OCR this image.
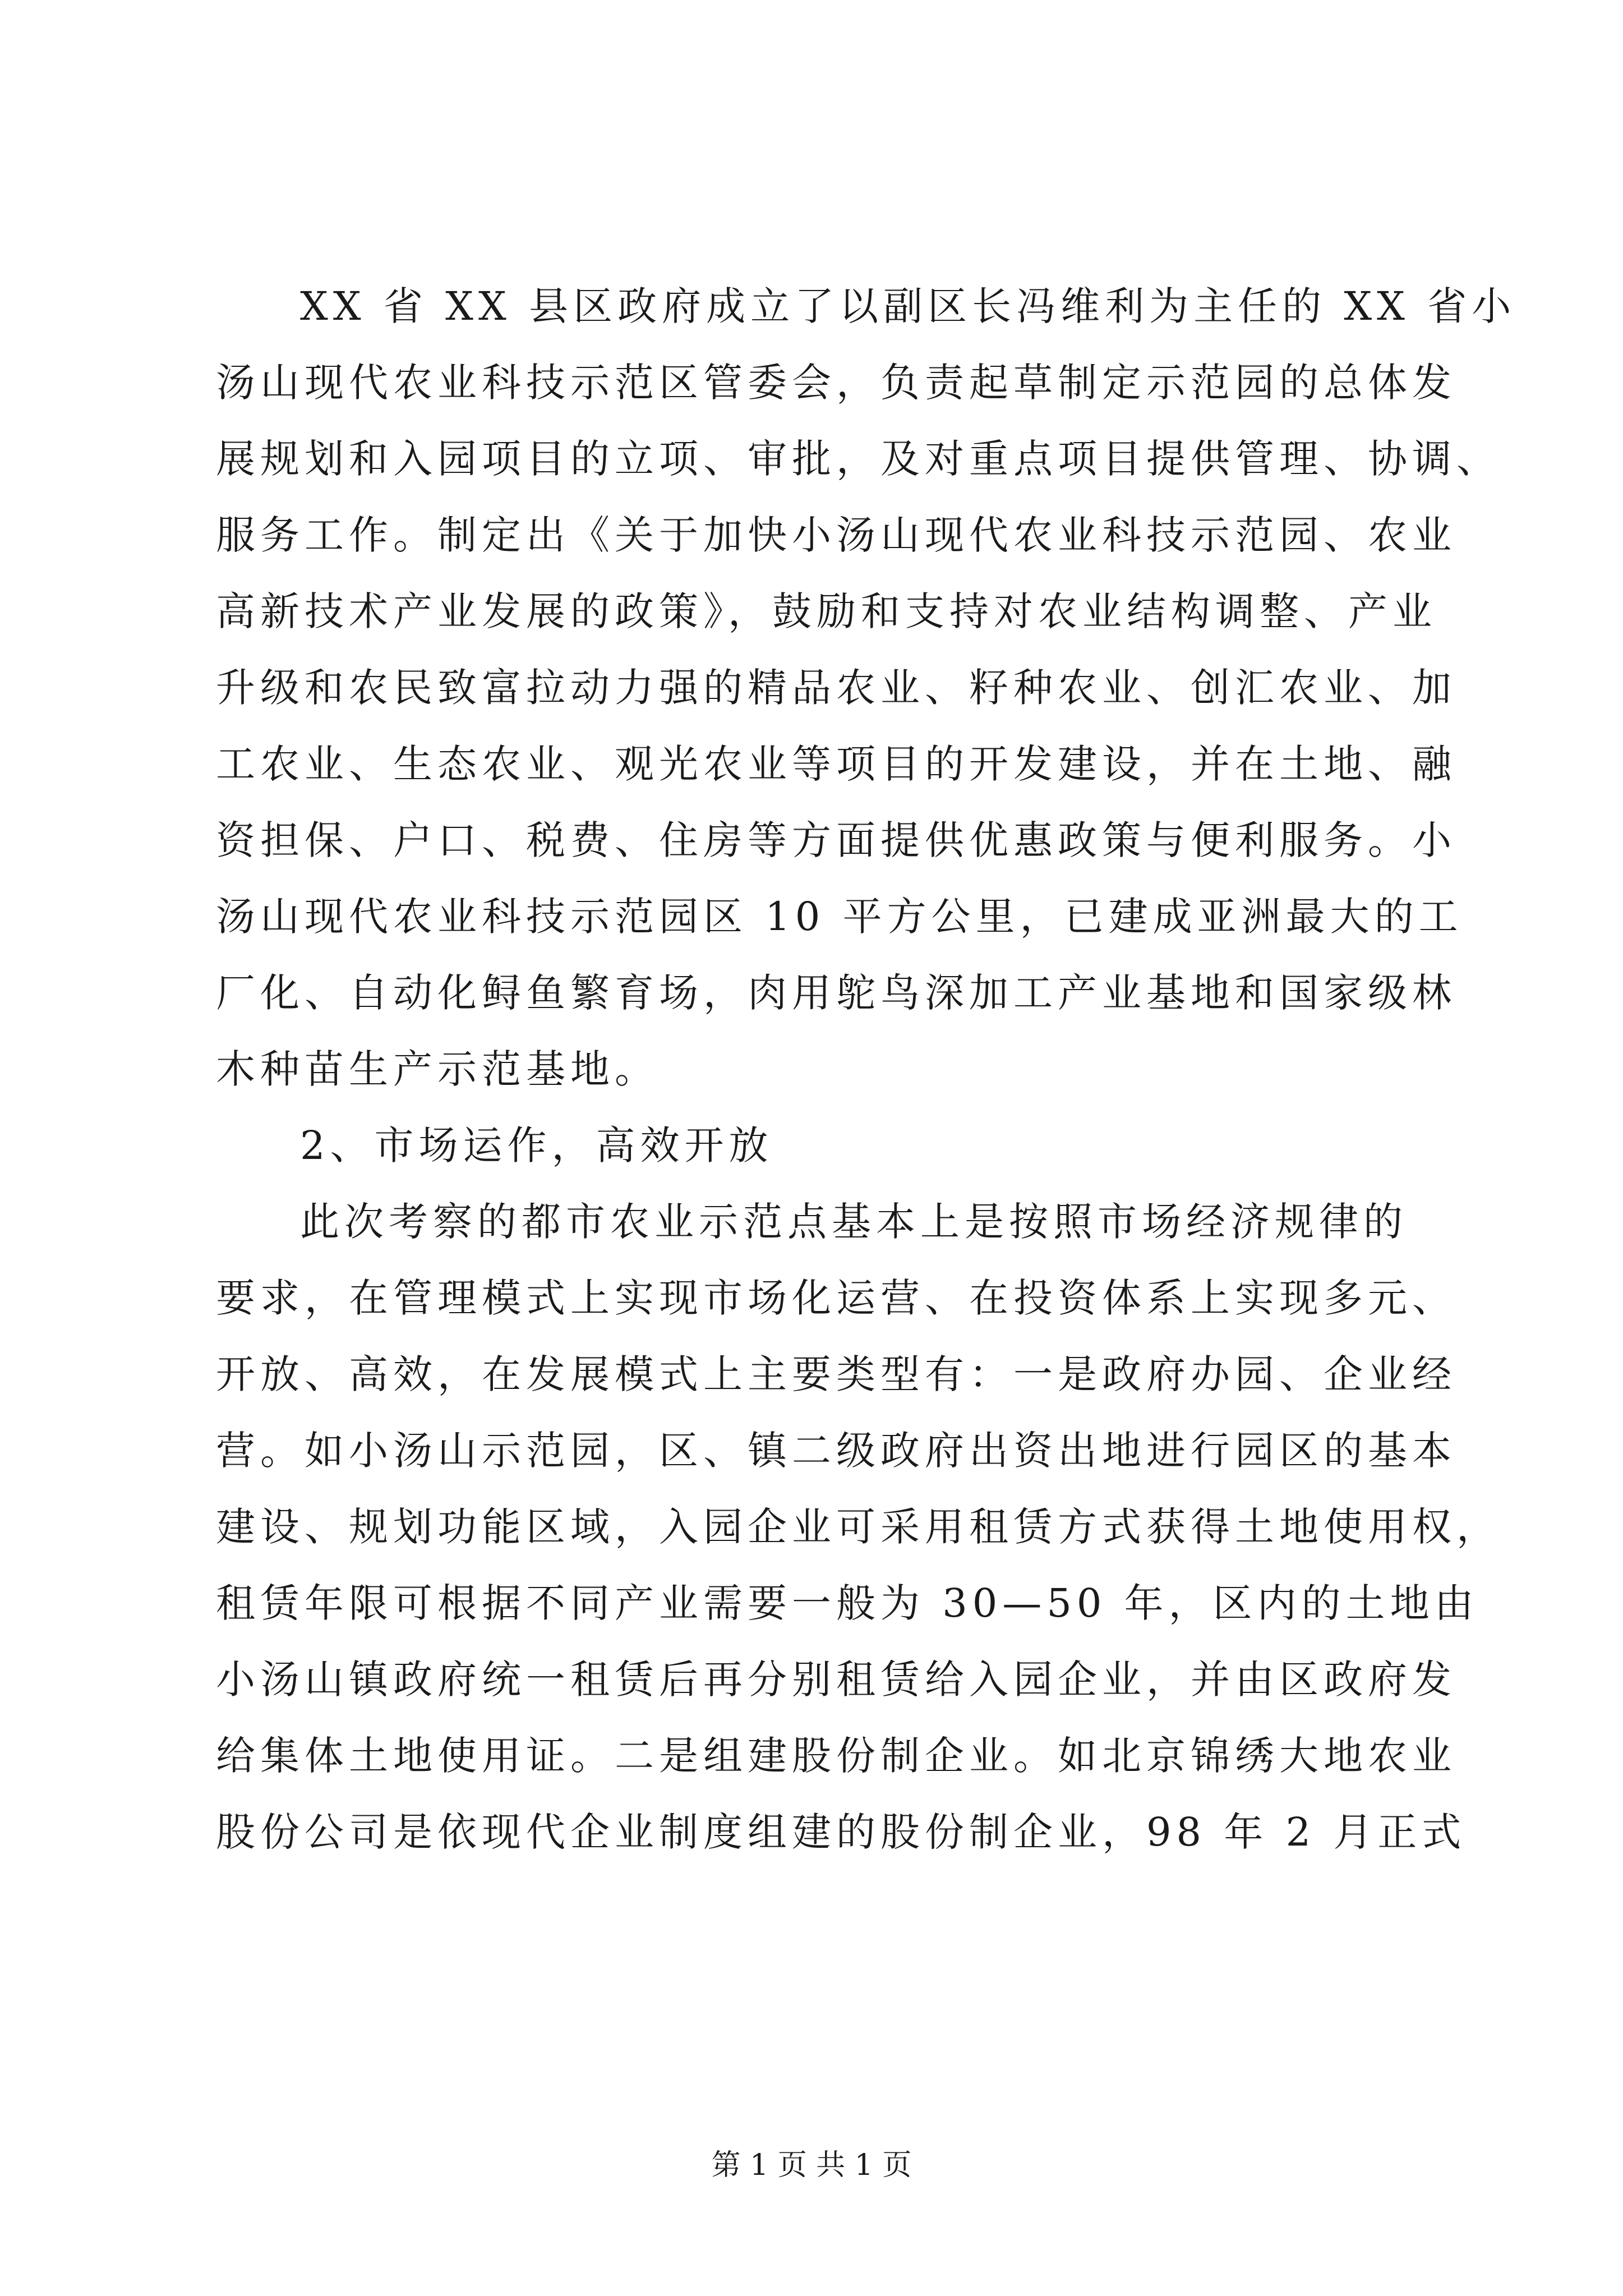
XX 省 XX 县区政府成立了以副区长冯维利为主任的 XX 省小
汤山现代农业科技示范区管委会，负责起草制定示范园的总体发
展规划和入园项目的立项、审批，及对重点项目提供管理、协调、
服务工作。制定出《关于加快小汤山现代农业科技示范园、农业
高新技术产业发展的政策》，鼓励和支持对农业结构调整、产业
升级和农民致富拉动力强的精品农业、籽种农业、创汇农业、加
工农业、生态农业、观光农业等项目的开发建设，并在土地、融
资担保、户口、税费、住房等方面提供优惠政策与便利服务。小
汤山现代农业科技示范园区 10 平方公里，已建成亚洲最大的工
厂化、自动化鲟鱼繁育场，肉用鸵鸟深加工产业基地和国家级林
木种苗生产示范基地。
2、市场运作，高效开放
此次考察的都市农业示范点基本上是按照市场经济规律的
要求，在管理模式上实现市场化运营、在投资体系上实现多元、
开放、高效，在发展模式上主要类型有：一是政府办园、企业经
营。如小汤山示范园，区、镇二级政府出资出地进行园区的基本
建设、规划功能区域，入园企业可采用租赁方式获得土地使用权，
租赁年限可根据不同产业需要一般为 30—50 年，区内的土地由
小汤山镇政府统一租赁后再分别租赁给入园企业，并由区政府发
给集体土地使用证。二是组建股份制企业。如北京锦绣大地农业
股份公司是依现代企业制度组建的股份制企业，98 年 2 月正式
第 1 页 共 1 页
